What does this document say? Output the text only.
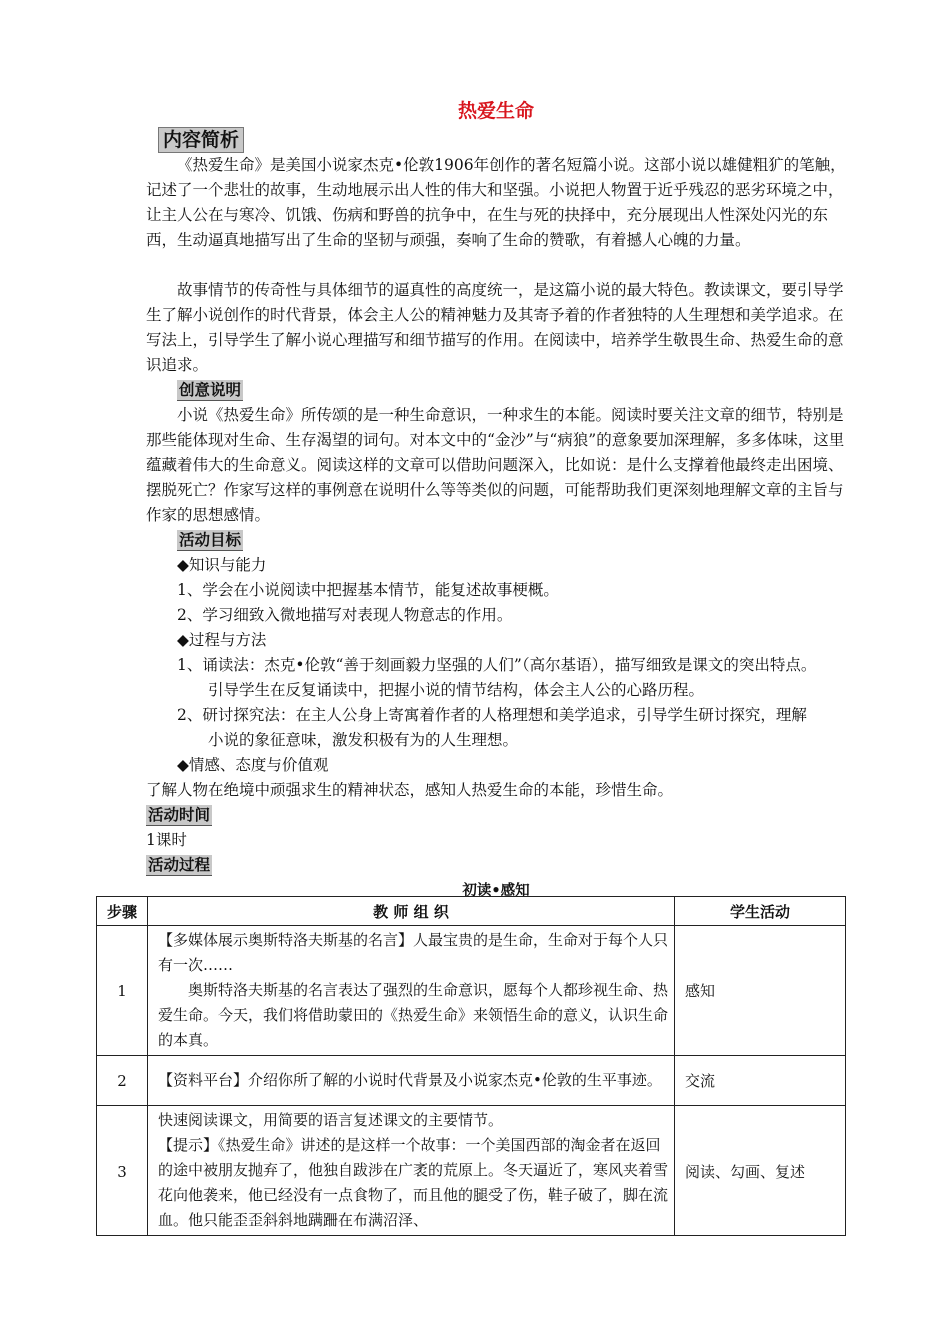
热爱生命
内容简析

《热爱生命》是美国小说家杰克•伦敦1906年创作的著名短篇小说。这部小说以雄健粗犷的笔触，记述了一个悲壮的故事，生动地展示出人性的伟大和坚强。小说把人物置于近乎残忍的恶劣环境之中，让主人公在与寒冷、饥饿、伤病和野兽的抗争中，在生与死的抉择中，充分展现出人性深处闪光的东西，生动逼真地描写出了生命的坚韧与顽强，奏响了生命的赞歌，有着撼人心魄的力量。

故事情节的传奇性与具体细节的逼真性的高度统一，是这篇小说的最大特色。教读课文，要引导学生了解小说创作的时代背景，体会主人公的精神魅力及其寄予着的作者独特的人生理想和美学追求。在写法上，引导学生了解小说心理描写和细节描写的作用。在阅读中，培养学生敬畏生命、热爱生命的意识追求。

创意说明

小说《热爱生命》所传颂的是一种生命意识，一种求生的本能。阅读时要关注文章的细节，特别是那些能体现对生命、生存渴望的词句。对本文中的“金沙”与“病狼”的意象要加深理解，多多体味，这里蕴藏着伟大的生命意义。阅读这样的文章可以借助问题深入，比如说：是什么支撑着他最终走出困境、摆脱死亡？作家写这样的事例意在说明什么等等类似的问题，可能帮助我们更深刻地理解文章的主旨与作家的思想感情。

活动目标

◆知识与能力

1、学会在小说阅读中把握基本情节，能复述故事梗概。

2、学习细致入微地描写对表现人物意志的作用。

◆过程与方法

1、诵读法：杰克•伦敦“善于刻画毅力坚强的人们”（高尔基语），描写细致是课文的突出特点。
引导学生在反复诵读中，把握小说的情节结构，体会主人公的心路历程。

2、研讨探究法：在主人公身上寄寓着作者的人格理想和美学追求，引导学生研讨探究，理解
小说的象征意味，激发积极有为的人生理想。

◆情感、态度与价值观

了解人物在绝境中顽强求生的精神状态，感知人热爱生命的本能，珍惜生命。

活动时间

1课时

活动过程
初读•感知
步骤	教 师 组 织	学生活动
1	【多媒体展示奥斯特洛夫斯基的名言】人最宝贵的是生命，生命对于每个人只有一次……
奥斯特洛夫斯基的名言表达了强烈的生命意识，愿每个人都珍视生命、热爱生命。今天，我们将借助蒙田的《热爱生命》来领悟生命的意义，认识生命的本真。	感知
2	【资料平台】介绍你所了解的小说时代背景及小说家杰克•伦敦的生平事迹。	交流
3	快速阅读课文，用简要的语言复述课文的主要情节。
【提示】《热爱生命》讲述的是这样一个故事：一个美国西部的淘金者在返回的途中被朋友抛弃了，他独自跋涉在广袤的荒原上。冬天逼近了，寒风夹着雪花向他袭来，他已经没有一点食物了，而且他的腿受了伤，鞋子破了，脚在流血。他只能歪歪斜斜地蹒跚在布满沼泽、	阅读、勾画、复述
